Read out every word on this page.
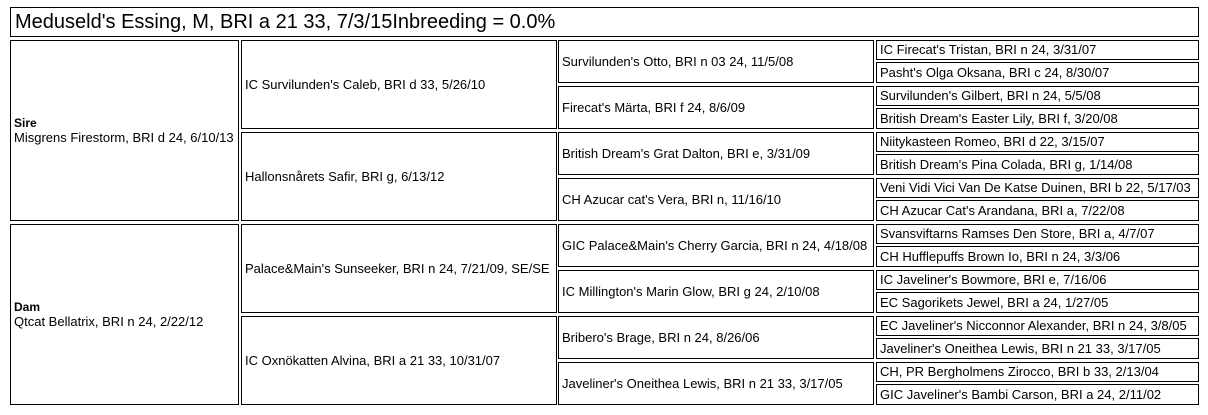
Meduseld's Essing, M, BRI a 21 33, 7/3/15Inbreeding = 0.0%
Sire
Misgrens Firestorm, BRI d 24, 6/10/13
Dam
Qtcat Bellatrix, BRI n 24, 2/22/12
IC Survilunden's Caleb, BRI d 33, 5/26/10
Hallonsnårets Safir, BRI g, 6/13/12
Palace&Main's Sunseeker, BRI n 24, 7/21/09, SE/SE
IC Oxnökatten Alvina, BRI a 21 33, 10/31/07
Survilunden's Otto, BRI n 03 24, 11/5/08
Firecat's Märta, BRI f 24, 8/6/09
British Dream's Grat Dalton, BRI e, 3/31/09
CH Azucar cat's Vera, BRI n, 11/16/10
GIC Palace&Main's Cherry Garcia, BRI n 24, 4/18/08
IC Millington's Marin Glow, BRI g 24, 2/10/08
Bribero's Brage, BRI n 24, 8/26/06
Javeliner's Oneithea Lewis, BRI n 21 33, 3/17/05
IC Firecat's Tristan, BRI n 24, 3/31/07
Pasht's Olga Oksana, BRI c 24, 8/30/07
Survilunden's Gilbert, BRI n 24, 5/5/08
British Dream's Easter Lily, BRI f, 3/20/08
Niitykasteen Romeo, BRI d 22, 3/15/07
British Dream's Pina Colada, BRI g, 1/14/08
Veni Vidi Vici Van De Katse Duinen, BRI b 22, 5/17/03
CH Azucar Cat's Arandana, BRI a, 7/22/08
Svansviftarns Ramses Den Store, BRI a, 4/7/07
CH Hufflepuffs Brown Io, BRI n 24, 3/3/06
IC Javeliner's Bowmore, BRI e, 7/16/06
EC Sagorikets Jewel, BRI a 24, 1/27/05
EC Javeliner's Nicconnor Alexander, BRI n 24, 3/8/05
Javeliner's Oneithea Lewis, BRI n 21 33, 3/17/05
CH, PR Bergholmens Zirocco, BRI b 33, 2/13/04
GIC Javeliner's Bambi Carson, BRI a 24, 2/11/02
